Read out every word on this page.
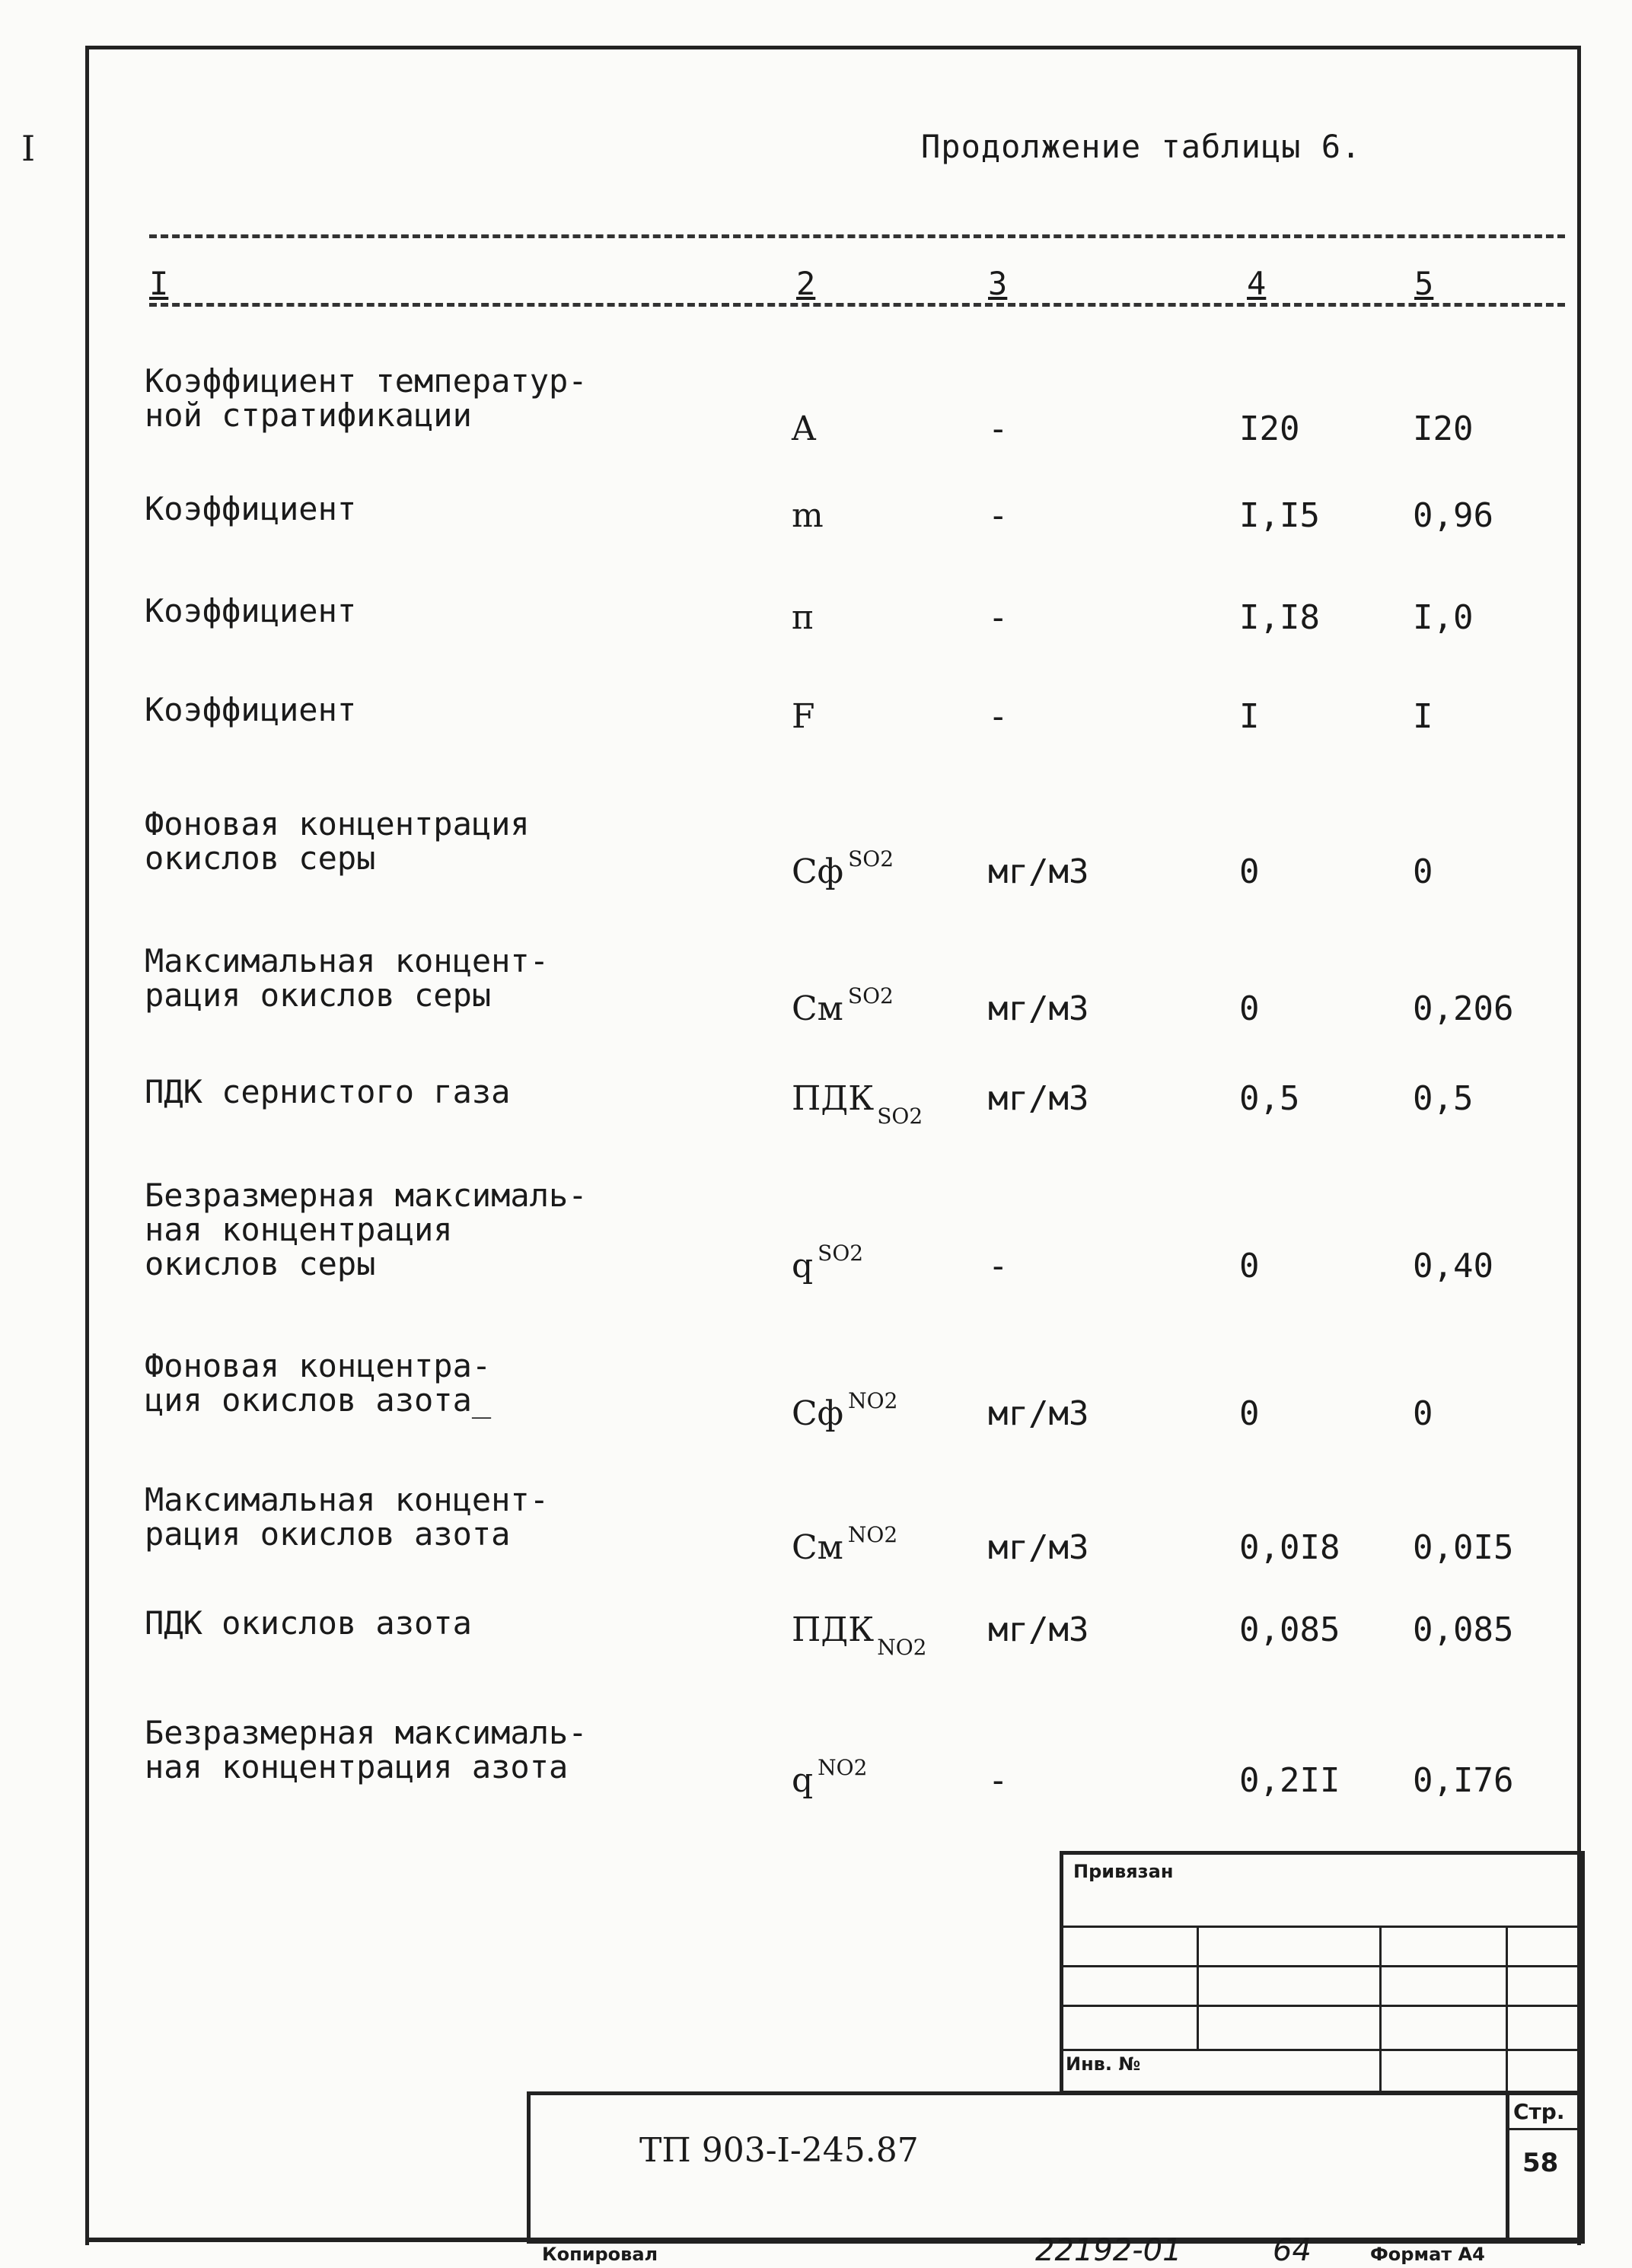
I	Продолжение таблицы 6.
I	2	3	4	5
Коэффициент температур-
ной стратификации	A	-	I20	I20
Коэффициент	m	-	I,I5	0,96
Коэффициент	п	-	I,I8	I,0
Коэффициент	F	-	I	I
Фоновая концентрация
окислов серы	Сф $^{SO2}$	мг/м3	0	0
Максимальная концент-
рация окислов серы	См $^{SO2}$	мг/м3	0	0,206
ПДК сернистого газа	ПДК $_{SO2}$ мг/м3	0,5	0,5
Безразмерная максималь-
ная концентрация
окислов серы	q $^{SO2}$	-	0	0,40
Фоновая концентра-
ция окислов азота_	Сф $^{NO2}$	мг/м3	0	0
Максимальная концент-
рация окислов азота	См $^{NO2}$	мг/м3	0,0I8 0,0I5
ПДК окислов азота	ПДК $_{NO2}$ мг/м3	0,085 0,085
Безразмерная максималь-
ная концентрация азота	q $^{NO2}$	-	0,2II 0,I76
Привязан
Инв. №
Стр.
58
ТП 903-I-245.87
Копировал	22192-01	64	Формат А4
